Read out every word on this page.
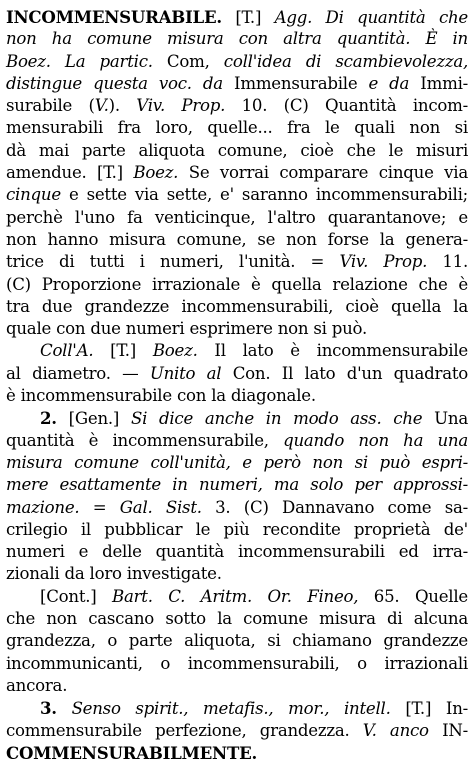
INCOMMENSURABILE. [T.] Agg. Di quantità che
non ha comune misura con altra quantità. È in
Boez. La partic. Com, coll'idea di scambievolezza,
distingue questa voc. da Immensurabile e da Immi-
surabile (V.). Viv. Prop. 10. (C) Quantità incom-
mensurabili fra loro, quelle... fra le quali non si
dà mai parte aliquota comune, cioè che le misuri
amendue. [T.] Boez. Se vorrai comparare cinque via
cinque e sette via sette, e' saranno incommensurabili;
perchè l'uno fa venticinque, l'altro quarantanove; e
non hanno misura comune, se non forse la genera-
trice di tutti i numeri, l'unità. = Viv. Prop. 11.
(C) Proporzione irrazionale è quella relazione che è
tra due grandezze incommensurabili, cioè quella la
quale con due numeri esprimere non si può.
Coll'A. [T.] Boez. Il lato è incommensurabile
al diametro. — Unito al Con. Il lato d'un quadrato
è incommensurabile con la diagonale.
2. [Gen.] Si dice anche in modo ass. che Una
quantità è incommensurabile, quando non ha una
misura comune coll'unità, e però non si può espri-
mere esattamente in numeri, ma solo per approssi-
mazione. = Gal. Sist. 3. (C) Dannavano come sa-
crilegio il pubblicar le più recondite proprietà de'
numeri e delle quantità incommensurabili ed irra-
zionali da loro investigate.
[Cont.] Bart. C. Aritm. Or. Fineo, 65. Quelle
che non cascano sotto la comune misura di alcuna
grandezza, o parte aliquota, si chiamano grandezze
incommunicanti, o incommensurabili, o irrazionali
ancora.
3. Senso spirit., metafis., mor., intell. [T.] In-
commensurabile perfezione, grandezza. V. anco IN-
COMMENSURABILMENTE.
